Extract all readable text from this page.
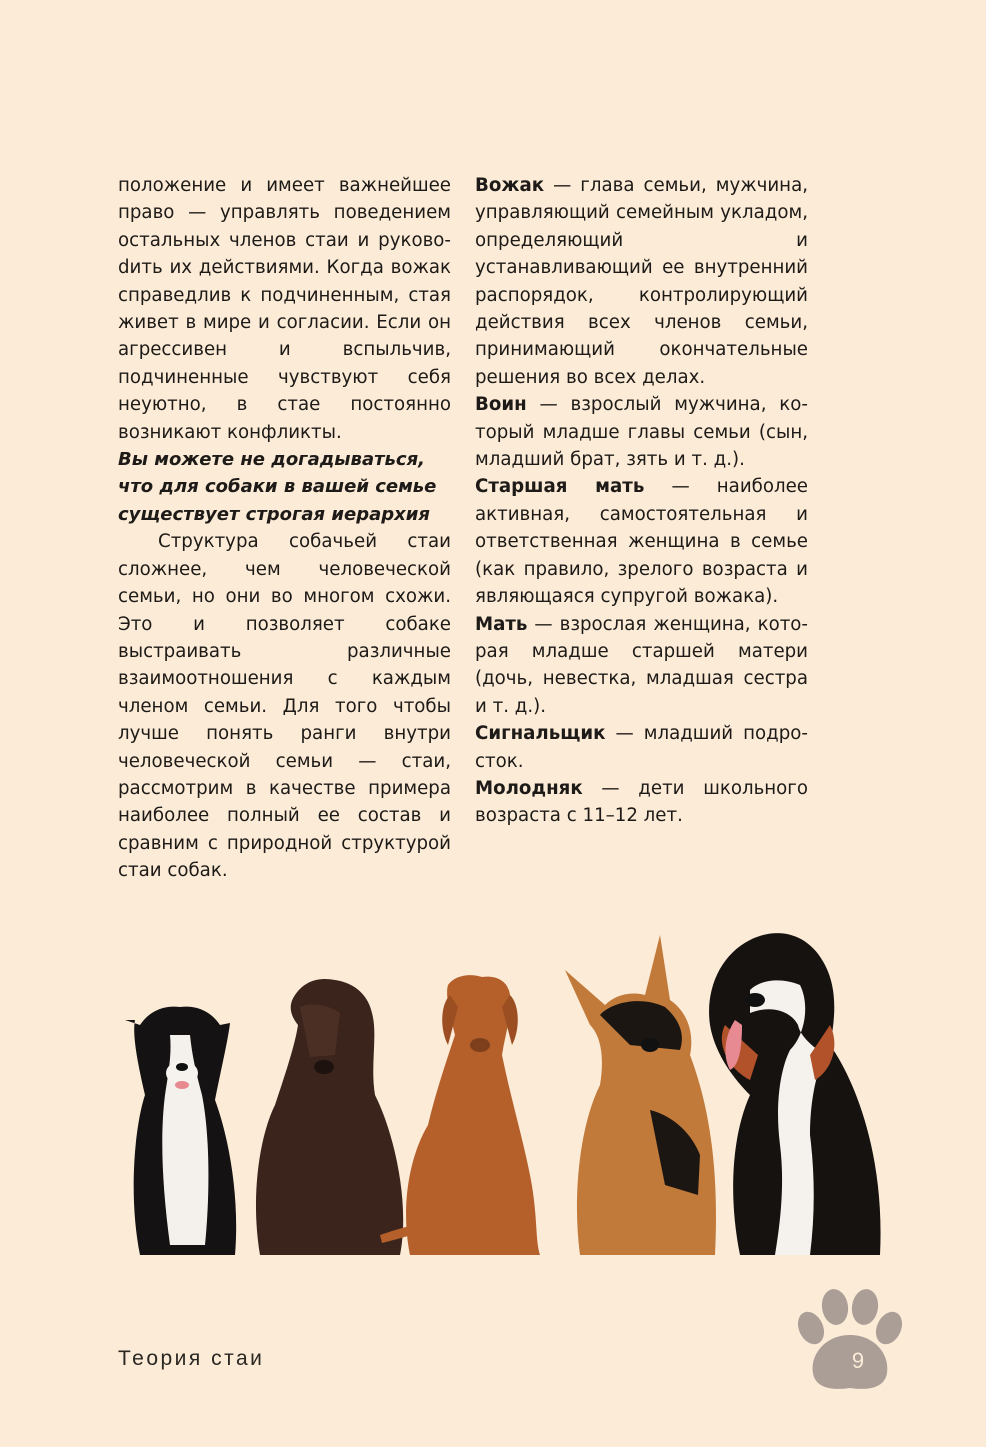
положение и имеет важнейшее право — управлять поведением остальных членов стаи и руковоdить их действиями. Когда вожак справедлив к подчиненным, стая живет в мире и согласии. Если он агрессивен и вспыльчив, подчиненные чувствуют себя неуютно, в стае постоянно возникают конфликты.

Вы можете не догадываться, что для собаки в вашей семье существует строгая иерархия

Структура собачьей стаи сложнее, чем человеческой семьи, но они во многом схожи. Это и позволяет собаке выстраивать различные взаимоотношения с каждым членом семьи. Для того чтобы лучше понять ранги внутри человеческой семьи — стаи, рассмотрим в качестве примера наиболее полный ее состав и сравним с природной структурой стаи собак.

Вожак — глава семьи, мужчина, управляющий семейным укладом, определяющий и устанавливающий ее внутренний распорядок, контролирующий действия всех членов семьи, принимающий окончательные решения во всех делах.

Воин — взрослый мужчина, который младше главы семьи (сын, младший брат, зять и т. д.).

Старшая мать — наиболее активная, самостоятельная и ответственная женщина в семье (как правило, зрелого возраста и являющаяся супругой вожака).

Мать — взрослая женщина, которая младше старшей матери (дочь, невестка, младшая сестра и т. д.).

Сигнальщик — младший подросток.

Молодняк — дети школьного возраста с 11–12 лет.

Теория стаи	9
